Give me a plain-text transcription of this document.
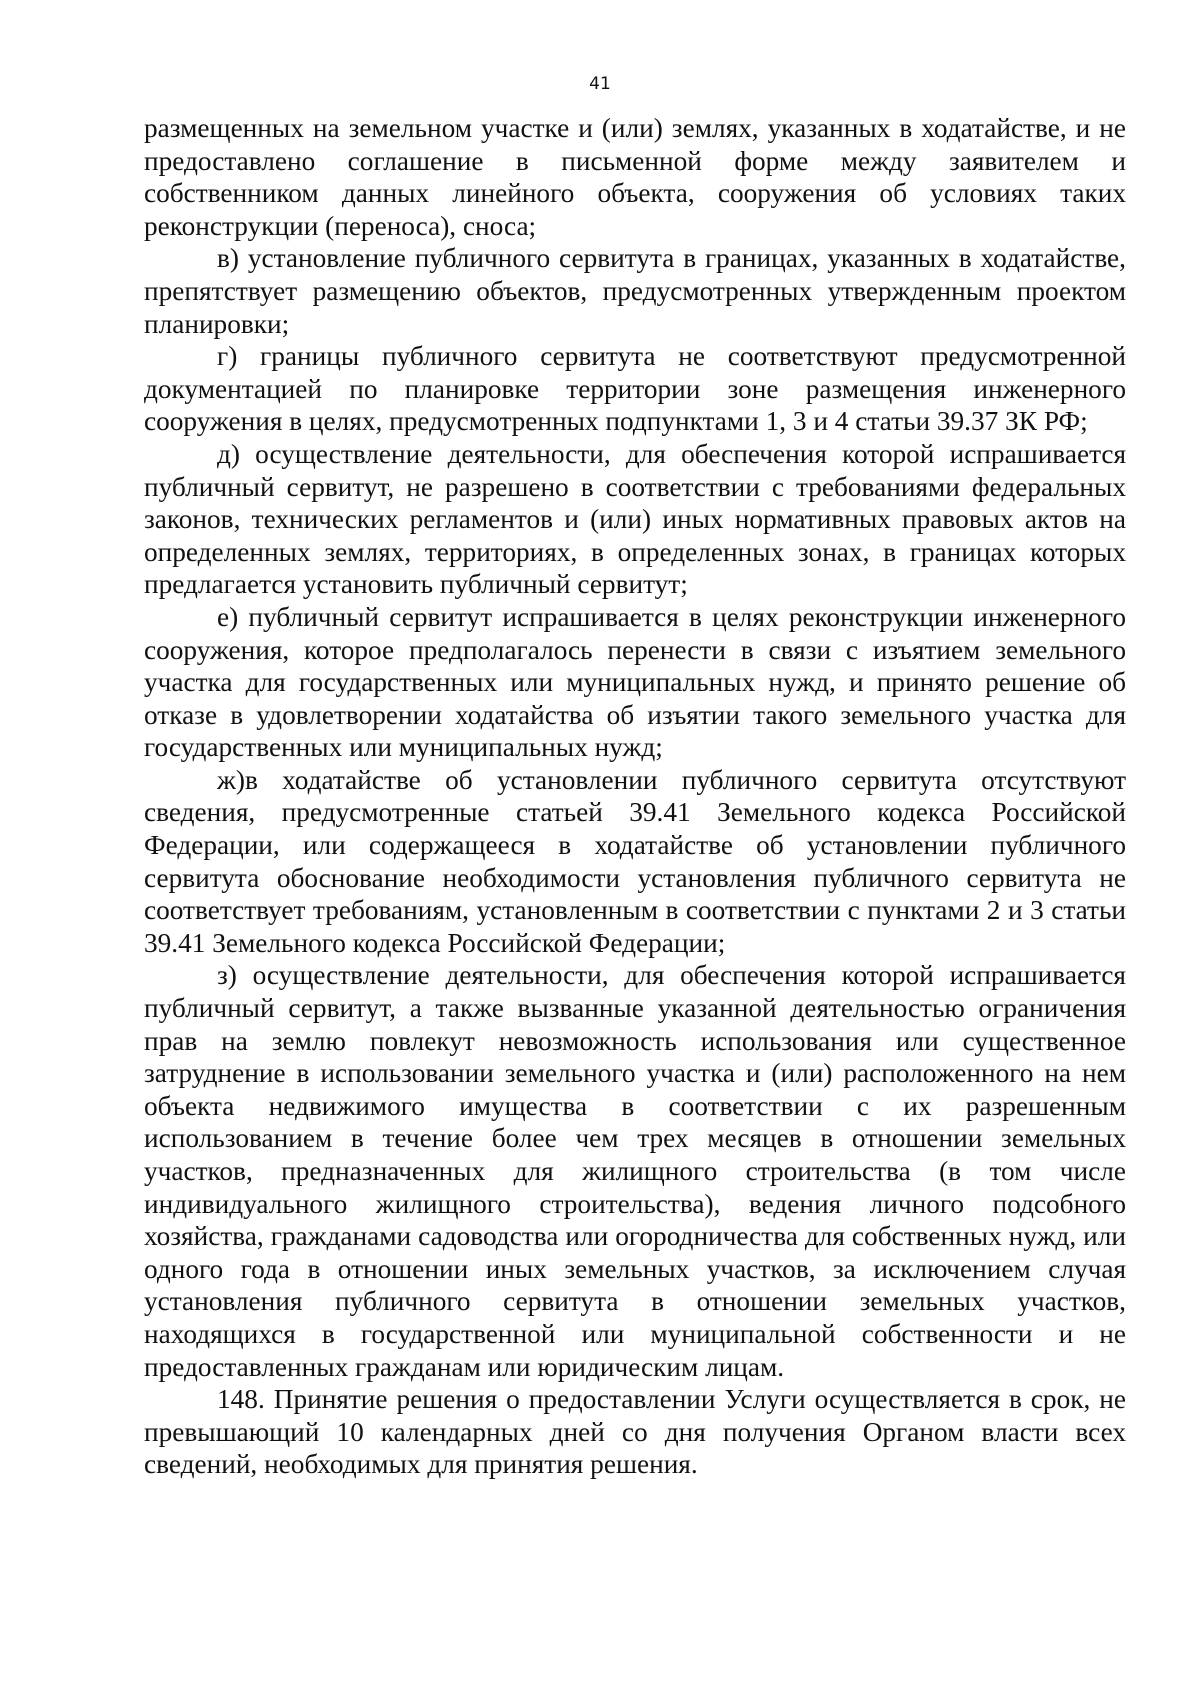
41

размещенных на земельном участке и (или) землях, указанных в ходатайстве, и не предоставлено соглашение в письменной форме между заявителем и собственником данных линейного объекта, сооружения об условиях таких реконструкции (переноса), сноса;

в) установление публичного сервитута в границах, указанных в ходатайстве, препятствует размещению объектов, предусмотренных утвержденным проектом планировки;

г) границы публичного сервитута не соответствуют предусмотренной документацией по планировке территории зоне размещения инженерного сооружения в целях, предусмотренных подпунктами 1, 3 и 4 статьи 39.37 ЗК РФ;

д) осуществление деятельности, для обеспечения которой испрашивается публичный сервитут, не разрешено в соответствии с требованиями федеральных законов, технических регламентов и (или) иных нормативных правовых актов на определенных землях, территориях, в определенных зонах, в границах которых предлагается установить публичный сервитут;

е) публичный сервитут испрашивается в целях реконструкции инженерного сооружения, которое предполагалось перенести в связи с изъятием земельного участка для государственных или муниципальных нужд, и принято решение об отказе в удовлетворении ходатайства об изъятии такого земельного участка для государственных или муниципальных нужд;

ж)в ходатайстве об установлении публичного сервитута отсутствуют сведения, предусмотренные статьей 39.41 Земельного кодекса Российской Федерации, или содержащееся в ходатайстве об установлении публичного сервитута обоснование необходимости установления публичного сервитута не соответствует требованиям, установленным в соответствии с пунктами 2 и 3 статьи 39.41 Земельного кодекса Российской Федерации;

з) осуществление деятельности, для обеспечения которой испрашивается публичный сервитут, а также вызванные указанной деятельностью ограничения прав на землю повлекут невозможность использования или существенное затруднение в использовании земельного участка и (или) расположенного на нем объекта недвижимого имущества в соответствии с их разрешенным использованием в течение более чем трех месяцев в отношении земельных участков, предназначенных для жилищного строительства (в том числе индивидуального жилищного строительства), ведения личного подсобного хозяйства, гражданами садоводства или огородничества для собственных нужд, или одного года в отношении иных земельных участков, за исключением случая установления публичного сервитута в отношении земельных участков, находящихся в государственной или муниципальной собственности и не предоставленных гражданам или юридическим лицам.

148. Принятие решения о предоставлении Услуги осуществляется в срок, не превышающий 10 календарных дней со дня получения Органом власти всех сведений, необходимых для принятия решения.
